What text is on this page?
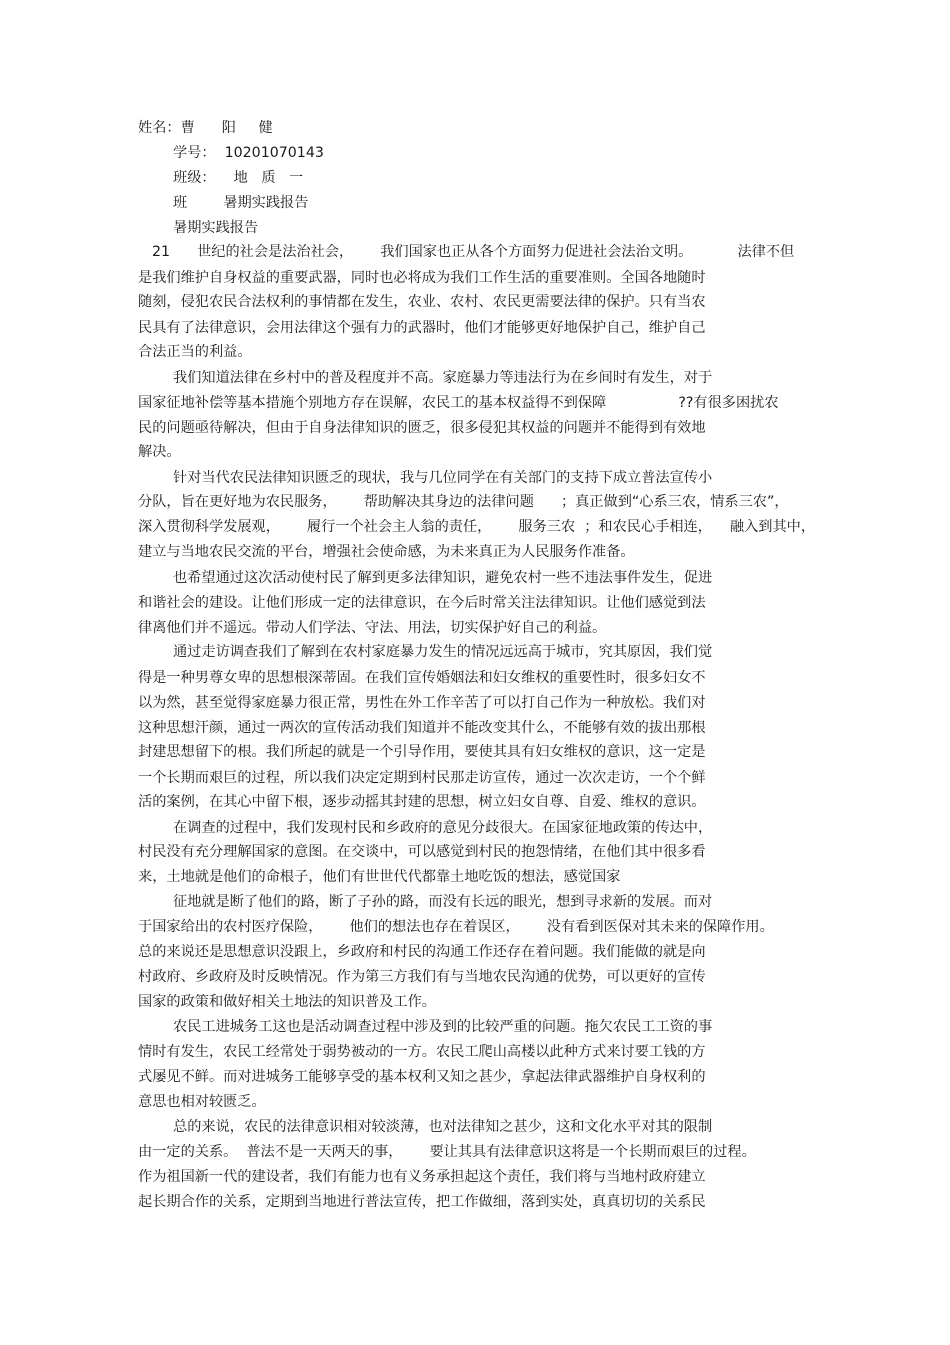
姓名：曹      阳     健
学号：  10201070143
班级：    地   质   一
班        暑期实践报告
暑期实践报告
21      世纪的社会是法治社会，      我们国家也正从各个方面努力促进社会法治文明。          法律不但
是我们维护自身权益的重要武器，同时也必将成为我们工作生活的重要准则。全国各地随时
随刻，侵犯农民合法权利的事情都在发生，农业、农村、农民更需要法律的保护。只有当农
民具有了法律意识，会用法律这个强有力的武器时，他们才能够更好地保护自己，维护自己
合法正当的利益。
我们知道法律在乡村中的普及程度并不高。家庭暴力等违法行为在乡间时有发生，对于
国家征地补偿等基本措施个别地方存在误解，农民工的基本权益得不到保障                ??有很多困扰农
民的问题亟待解决，但由于自身法律知识的匮乏，很多侵犯其权益的问题并不能得到有效地
解决。
针对当代农民法律知识匮乏的现状，我与几位同学在有关部门的支持下成立普法宣传小
分队，旨在更好地为农民服务，      帮助解决其身边的法律问题      ；真正做到“心系三农，情系三农”，
深入贯彻科学发展观，      履行一个社会主人翁的责任，      服务三农  ；和农民心手相连，    融入到其中，
建立与当地农民交流的平台，增强社会使命感，为未来真正为人民服务作准备。
也希望通过这次活动使村民了解到更多法律知识，避免农村一些不违法事件发生，促进
和谐社会的建设。让他们形成一定的法律意识，在今后时常关注法律知识。让他们感觉到法
律离他们并不遥远。带动人们学法、守法、用法，切实保护好自己的利益。
通过走访调查我们了解到在农村家庭暴力发生的情况远远高于城市，究其原因，我们觉
得是一种男尊女卑的思想根深蒂固。在我们宣传婚姻法和妇女维权的重要性时，很多妇女不
以为然，甚至觉得家庭暴力很正常，男性在外工作辛苦了可以打自己作为一种放松。我们对
这种思想汗颜，通过一两次的宣传活动我们知道并不能改变其什么，不能够有效的拔出那根
封建思想留下的根。我们所起的就是一个引导作用，要使其具有妇女维权的意识，这一定是
一个长期而艰巨的过程，所以我们决定定期到村民那走访宣传，通过一次次走访，一个个鲜
活的案例，在其心中留下根，逐步动摇其封建的思想，树立妇女自尊、自爱、维权的意识。
在调查的过程中，我们发现村民和乡政府的意见分歧很大。在国家征地政策的传达中，
村民没有充分理解国家的意图。在交谈中，可以感觉到村民的抱怨情绪，在他们其中很多看
来，土地就是他们的命根子，他们有世世代代都靠土地吃饭的想法，感觉国家
征地就是断了他们的路，断了子孙的路，而没有长远的眼光，想到寻求新的发展。而对
于国家给出的农村医疗保险，      他们的想法也存在着误区，      没有看到医保对其未来的保障作用。
总的来说还是思想意识没跟上，乡政府和村民的沟通工作还存在着问题。我们能做的就是向
村政府、乡政府及时反映情况。作为第三方我们有与当地农民沟通的优势，可以更好的宣传
国家的政策和做好相关土地法的知识普及工作。
农民工进城务工这也是活动调查过程中涉及到的比较严重的问题。拖欠农民工工资的事
情时有发生，农民工经常处于弱势被动的一方。农民工爬山高楼以此种方式来讨要工钱的方
式屡见不鲜。而对进城务工能够享受的基本权利又知之甚少，拿起法律武器维护自身权利的
意思也相对较匮乏。
总的来说，农民的法律意识相对较淡薄，也对法律知之甚少，这和文化水平对其的限制
由一定的关系。  普法不是一天两天的事，      要让其具有法律意识这将是一个长期而艰巨的过程。
作为祖国新一代的建设者，我们有能力也有义务承担起这个责任，我们将与当地村政府建立
起长期合作的关系，定期到当地进行普法宣传，把工作做细，落到实处，真真切切的关系民
